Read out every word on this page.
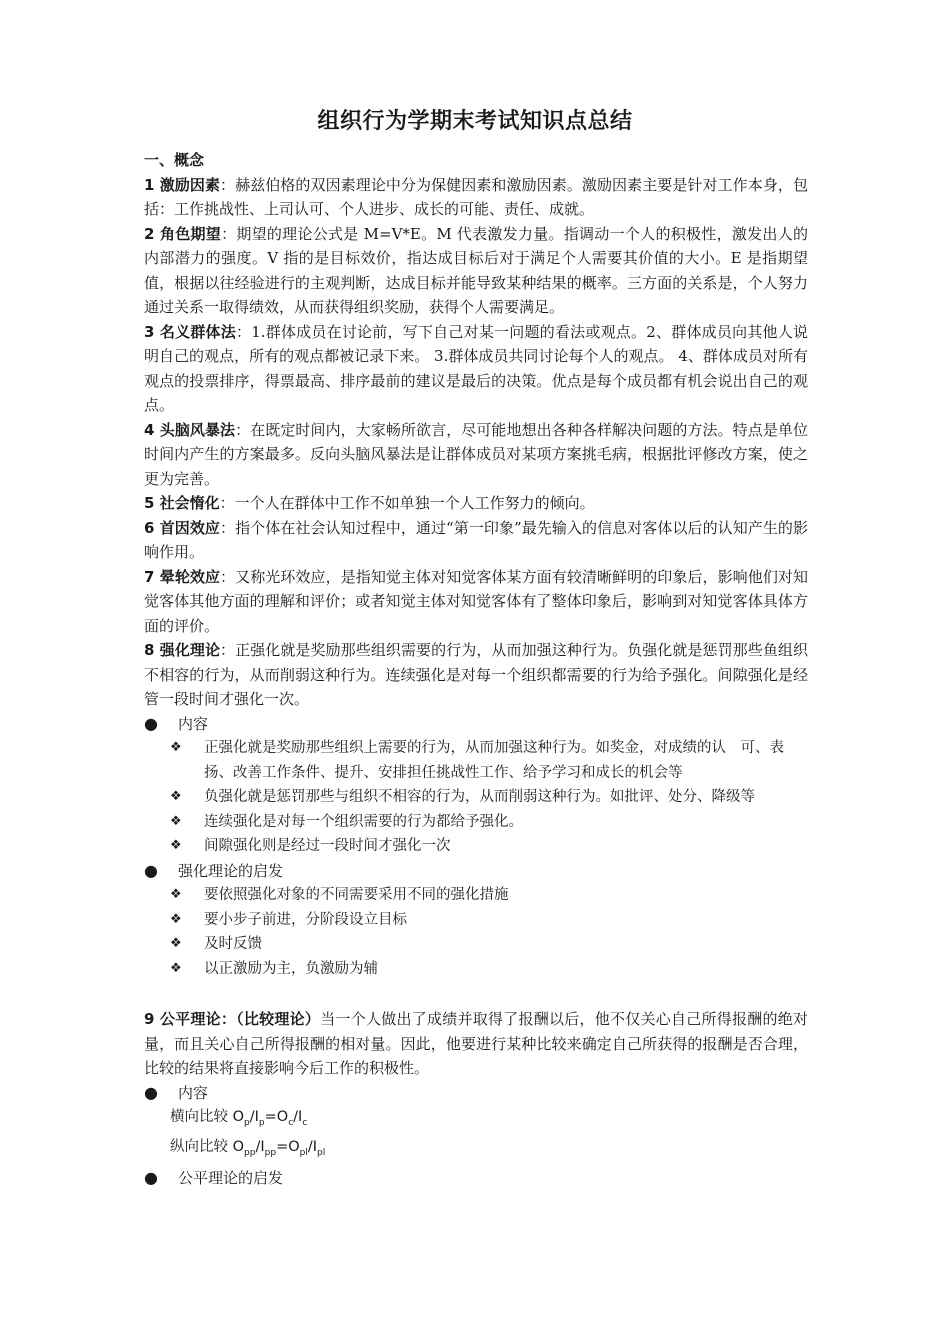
组织行为学期末考试知识点总结

一、概念

1 激励因素：赫兹伯格的双因素理论中分为保健因素和激励因素。激励因素主要是针对工作本身，包括：工作挑战性、上司认可、个人进步、成长的可能、责任、成就。

2 角色期望：期望的理论公式是 M=V*E。M 代表激发力量。指调动一个人的积极性，激发出人的内部潜力的强度。V 指的是目标效价，指达成目标后对于满足个人需要其价值的大小。E 是指期望值，根据以往经验进行的主观判断，达成目标并能导致某种结果的概率。三方面的关系是，个人努力通过关系一取得绩效，从而获得组织奖励，获得个人需要满足。

3 名义群体法：1.群体成员在讨论前，写下自己对某一问题的看法或观点。2、群体成员向其他人说明自己的观点，所有的观点都被记录下来。 3.群体成员共同讨论每个人的观点。 4、群体成员对所有观点的投票排序，得票最高、排序最前的建议是最后的决策。优点是每个成员都有机会说出自己的观点。

4 头脑风暴法：在既定时间内，大家畅所欲言，尽可能地想出各种各样解决问题的方法。特点是单位时间内产生的方案最多。反向头脑风暴法是让群体成员对某项方案挑毛病，根据批评修改方案，使之更为完善。

5 社会惰化：一个人在群体中工作不如单独一个人工作努力的倾向。

6 首因效应：指个体在社会认知过程中，通过“第一印象”最先输入的信息对客体以后的认知产生的影响作用。

7 晕轮效应：又称光环效应，是指知觉主体对知觉客体某方面有较清晰鲜明的印象后，影响他们对知觉客体其他方面的理解和评价；或者知觉主体对知觉客体有了整体印象后，影响到对知觉客体具体方面的评价。

8 强化理论：正强化就是奖励那些组织需要的行为，从而加强这种行为。负强化就是惩罚那些鱼组织不相容的行为，从而削弱这种行为。连续强化是对每一个组织都需要的行为给予强化。间隙强化是经管一段时间才强化一次。

●	内容

❖	正强化就是奖励那些组织上需要的行为，从而加强这种行为。如奖金，对成绩的认　可、表扬、改善工作条件、提升、安排担任挑战性工作、给予学习和成长的机会等

❖	负强化就是惩罚那些与组织不相容的行为，从而削弱这种行为。如批评、处分、降级等

❖	连续强化是对每一个组织需要的行为都给予强化。

❖	间隙强化则是经过一段时间才强化一次

●	强化理论的启发

❖	要依照强化对象的不同需要采用不同的强化措施

❖	要小步子前进，分阶段设立目标

❖	及时反馈

❖	以正激励为主，负激励为辅

9 公平理论：（比较理论）当一个人做出了成绩并取得了报酬以后，他不仅关心自己所得报酬的绝对量，而且关心自己所得报酬的相对量。因此，他要进行某种比较来确定自己所获得的报酬是否合理，比较的结果将直接影响今后工作的积极性。

●	内容

横向比较 $O_p/I_p=O_c/I_c$

纵向比较 $O_{pp}/I_{pp}=O_{pl}/I_{pl}$

●	公平理论的启发
